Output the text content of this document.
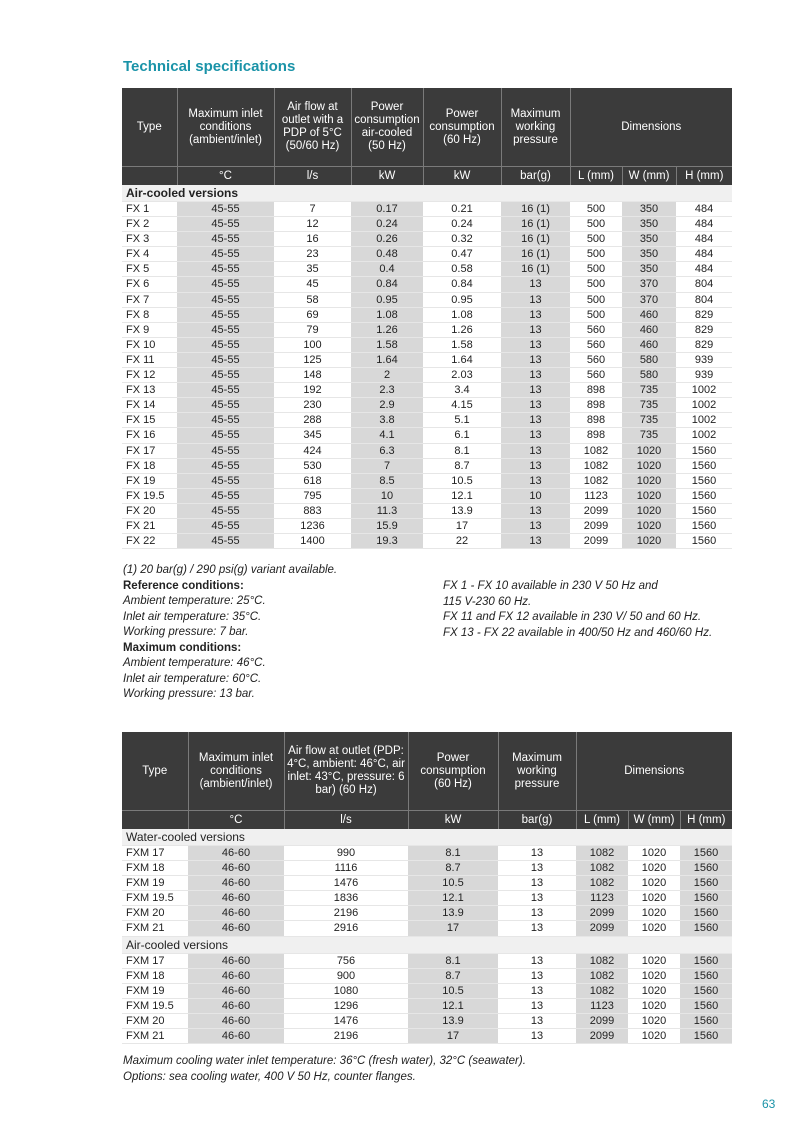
Technical specifications
Type	Maximum inlet conditions (ambient/inlet)	Air flow at outlet with a PDP of 5°C (50/60 Hz)	Power consumption air-cooled (50 Hz)	Power consumption (60 Hz)	Maximum working pressure	Dimensions		
	°C	l/s	kW	kW	bar(g)	L (mm)	W (mm)	H (mm)
Air-cooled versions								
FX 1	45-55	7	0.17	0.21	16 (1)	500	350	484
FX 2	45-55	12	0.24	0.24	16 (1)	500	350	484
FX 3	45-55	16	0.26	0.32	16 (1)	500	350	484
FX 4	45-55	23	0.48	0.47	16 (1)	500	350	484
FX 5	45-55	35	0.4	0.58	16 (1)	500	350	484
FX 6	45-55	45	0.84	0.84	13	500	370	804
FX 7	45-55	58	0.95	0.95	13	500	370	804
FX 8	45-55	69	1.08	1.08	13	500	460	829
FX 9	45-55	79	1.26	1.26	13	560	460	829
FX 10	45-55	100	1.58	1.58	13	560	460	829
FX 11	45-55	125	1.64	1.64	13	560	580	939
FX 12	45-55	148	2	2.03	13	560	580	939
FX 13	45-55	192	2.3	3.4	13	898	735	1002
FX 14	45-55	230	2.9	4.15	13	898	735	1002
FX 15	45-55	288	3.8	5.1	13	898	735	1002
FX 16	45-55	345	4.1	6.1	13	898	735	1002
FX 17	45-55	424	6.3	8.1	13	1082	1020	1560
FX 18	45-55	530	7	8.7	13	1082	1020	1560
FX 19	45-55	618	8.5	10.5	13	1082	1020	1560
FX 19.5	45-55	795	10	12.1	10	1123	1020	1560
FX 20	45-55	883	11.3	13.9	13	2099	1020	1560
FX 21	45-55	1236	15.9	17	13	2099	1020	1560
FX 22	45-55	1400	19.3	22	13	2099	1020	1560
(1) 20 bar(g) / 290 psi(g) variant available.
Reference conditions:
Ambient temperature: 25°C.
Inlet air temperature: 35°C.
Working pressure: 7 bar.
Maximum conditions:
Ambient temperature: 46°C.
Inlet air temperature: 60°C.
Working pressure: 13 bar.
FX 1 - FX 10 available in 230 V 50 Hz and
115 V-230 60 Hz.
FX 11 and FX 12 available in 230 V/ 50 and 60 Hz.
FX 13 - FX 22 available in 400/50 Hz and 460/60 Hz.
Type	Maximum inlet conditions (ambient/inlet)	Air flow at outlet (PDP: 4°C, ambient: 46°C, air inlet: 43°C, pressure: 6 bar) (60 Hz)	Power consumption (60 Hz)	Maximum working pressure	Dimensions		
	°C	l/s	kW	bar(g)	L (mm)	W (mm)	H (mm)
Water-cooled versions							
FXM 17	46-60	990	8.1	13	1082	1020	1560
FXM 18	46-60	1116	8.7	13	1082	1020	1560
FXM 19	46-60	1476	10.5	13	1082	1020	1560
FXM 19.5	46-60	1836	12.1	13	1123	1020	1560
FXM 20	46-60	2196	13.9	13	2099	1020	1560
FXM 21	46-60	2916	17	13	2099	1020	1560
Air-cooled versions							
FXM 17	46-60	756	8.1	13	1082	1020	1560
FXM 18	46-60	900	8.7	13	1082	1020	1560
FXM 19	46-60	1080	10.5	13	1082	1020	1560
FXM 19.5	46-60	1296	12.1	13	1123	1020	1560
FXM 20	46-60	1476	13.9	13	2099	1020	1560
FXM 21	46-60	2196	17	13	2099	1020	1560
Maximum cooling water inlet temperature: 36°C (fresh water), 32°C (seawater).
Options: sea cooling water, 400 V 50 Hz, counter flanges.
63
